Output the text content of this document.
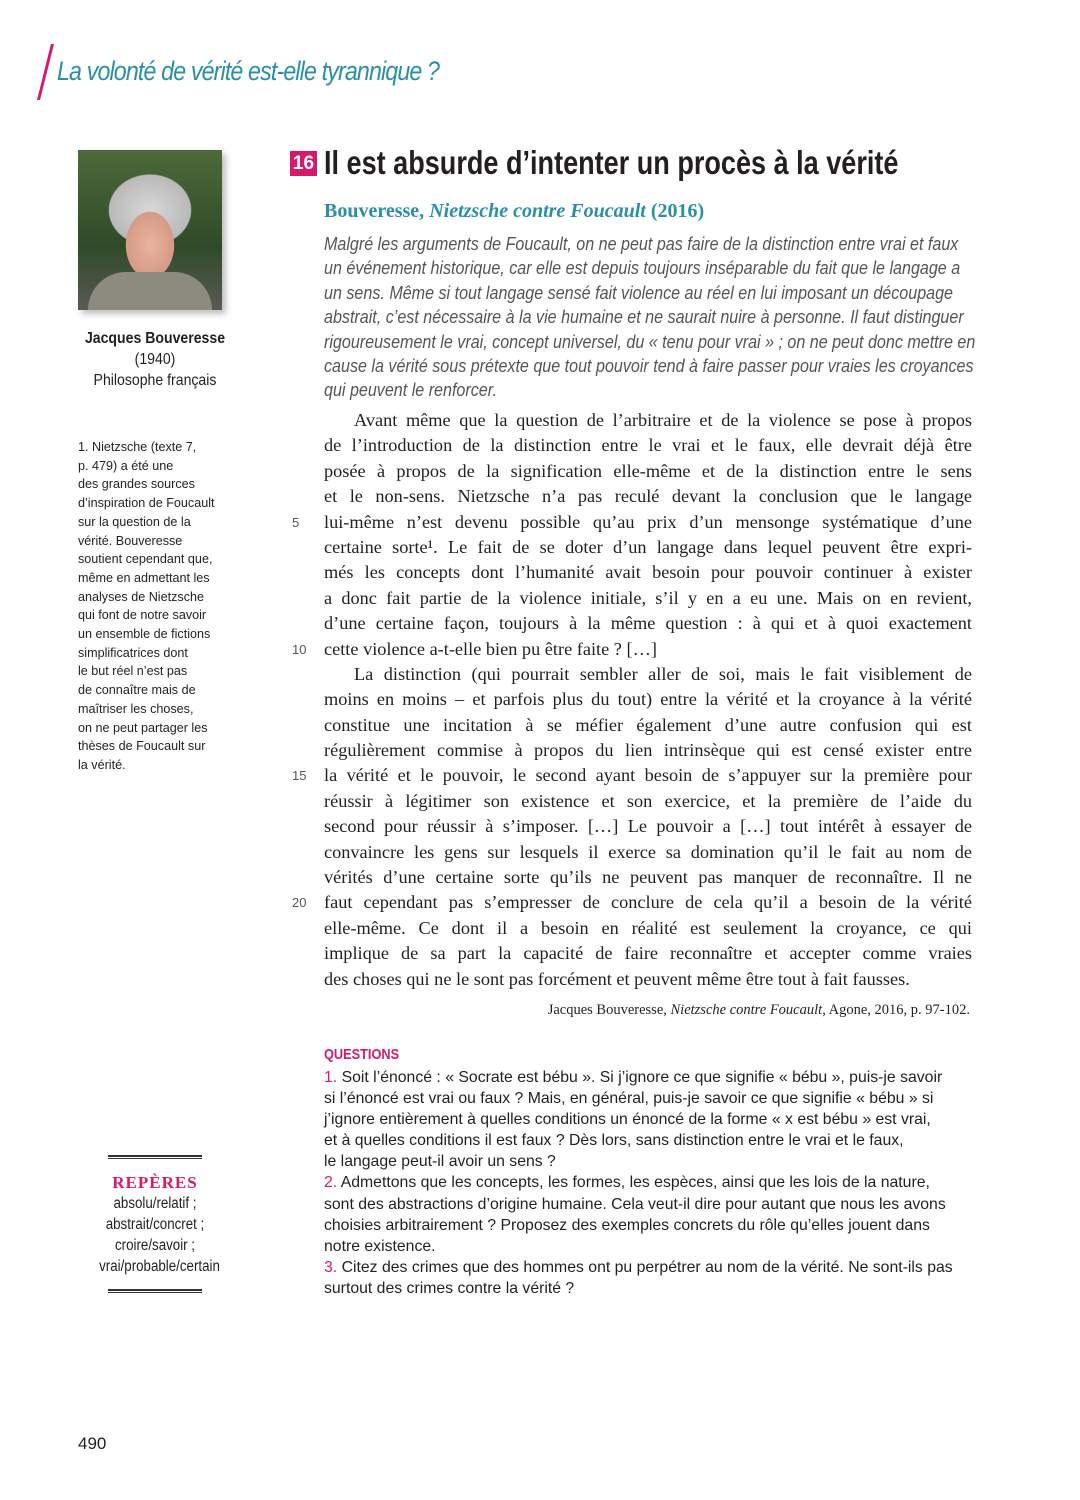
La volonté de vérité est-elle tyrannique ?
Jacques Bouveresse
(1940)
Philosophe français
1. Nietzsche (texte 7,
p. 479) a été une
des grandes sources
d’inspiration de Foucault
sur la question de la
vérité. Bouveresse
soutient cependant que,
même en admettant les
analyses de Nietzsche
qui font de notre savoir
un ensemble de fictions
simplificatrices dont
le but réel n’est pas
de connaître mais de
maîtriser les choses,
on ne peut partager les
thèses de Foucault sur
la vérité.
REPÈRES
absolu/relatif ;
abstrait/concret ;
croire/savoir ;
vrai/probable/certain
16 Il est absurde d’intenter un procès à la vérité
Bouveresse, Nietzsche contre Foucault (2016)
Malgré les arguments de Foucault, on ne peut pas faire de la distinction entre vrai et faux
un événement historique, car elle est depuis toujours inséparable du fait que le langage a
un sens. Même si tout langage sensé fait violence au réel en lui imposant un découpage
abstrait, c’est nécessaire à la vie humaine et ne saurait nuire à personne. Il faut distinguer
rigoureusement le vrai, concept universel, du « tenu pour vrai » ; on ne peut donc mettre en
cause la vérité sous prétexte que tout pouvoir tend à faire passer pour vraies les croyances
qui peuvent le renforcer.
Avant même que la question de l’arbitraire et de la violence se pose à propos
de l’introduction de la distinction entre le vrai et le faux, elle devrait déjà être
posée à propos de la signification elle-même et de la distinction entre le sens
et le non-sens. Nietzsche n’a pas reculé devant la conclusion que le langage
5 lui-même n’est devenu possible qu’au prix d’un mensonge systématique d’une
certaine sorte¹. Le fait de se doter d’un langage dans lequel peuvent être expri-
més les concepts dont l’humanité avait besoin pour pouvoir continuer à exister
a donc fait partie de la violence initiale, s’il y en a eu une. Mais on en revient,
d’une certaine façon, toujours à la même question : à qui et à quoi exactement
10 cette violence a-t-elle bien pu être faite ? […]
La distinction (qui pourrait sembler aller de soi, mais le fait visiblement de
moins en moins – et parfois plus du tout) entre la vérité et la croyance à la vérité
constitue une incitation à se méfier également d’une autre confusion qui est
régulièrement commise à propos du lien intrinsèque qui est censé exister entre
15 la vérité et le pouvoir, le second ayant besoin de s’appuyer sur la première pour
réussir à légitimer son existence et son exercice, et la première de l’aide du
second pour réussir à s’imposer. […] Le pouvoir a […] tout intérêt à essayer de
convaincre les gens sur lesquels il exerce sa domination qu’il le fait au nom de
vérités d’une certaine sorte qu’ils ne peuvent pas manquer de reconnaître. Il ne
20 faut cependant pas s’empresser de conclure de cela qu’il a besoin de la vérité
elle-même. Ce dont il a besoin en réalité est seulement la croyance, ce qui
implique de sa part la capacité de faire reconnaître et accepter comme vraies
des choses qui ne le sont pas forcément et peuvent même être tout à fait fausses.
Jacques Bouveresse, Nietzsche contre Foucault, Agone, 2016, p. 97-102.
QUESTIONS
1. Soit l’énoncé : « Socrate est bébu ». Si j’ignore ce que signifie « bébu », puis-je savoir
si l’énoncé est vrai ou faux ? Mais, en général, puis-je savoir ce que signifie « bébu » si
j’ignore entièrement à quelles conditions un énoncé de la forme « x est bébu » est vrai,
et à quelles conditions il est faux ? Dès lors, sans distinction entre le vrai et le faux,
le langage peut-il avoir un sens ?
2. Admettons que les concepts, les formes, les espèces, ainsi que les lois de la nature,
sont des abstractions d’origine humaine. Cela veut-il dire pour autant que nous les avons
choisies arbitrairement ? Proposez des exemples concrets du rôle qu’elles jouent dans
notre existence.
3. Citez des crimes que des hommes ont pu perpétrer au nom de la vérité. Ne sont-ils pas
surtout des crimes contre la vérité ?
490
